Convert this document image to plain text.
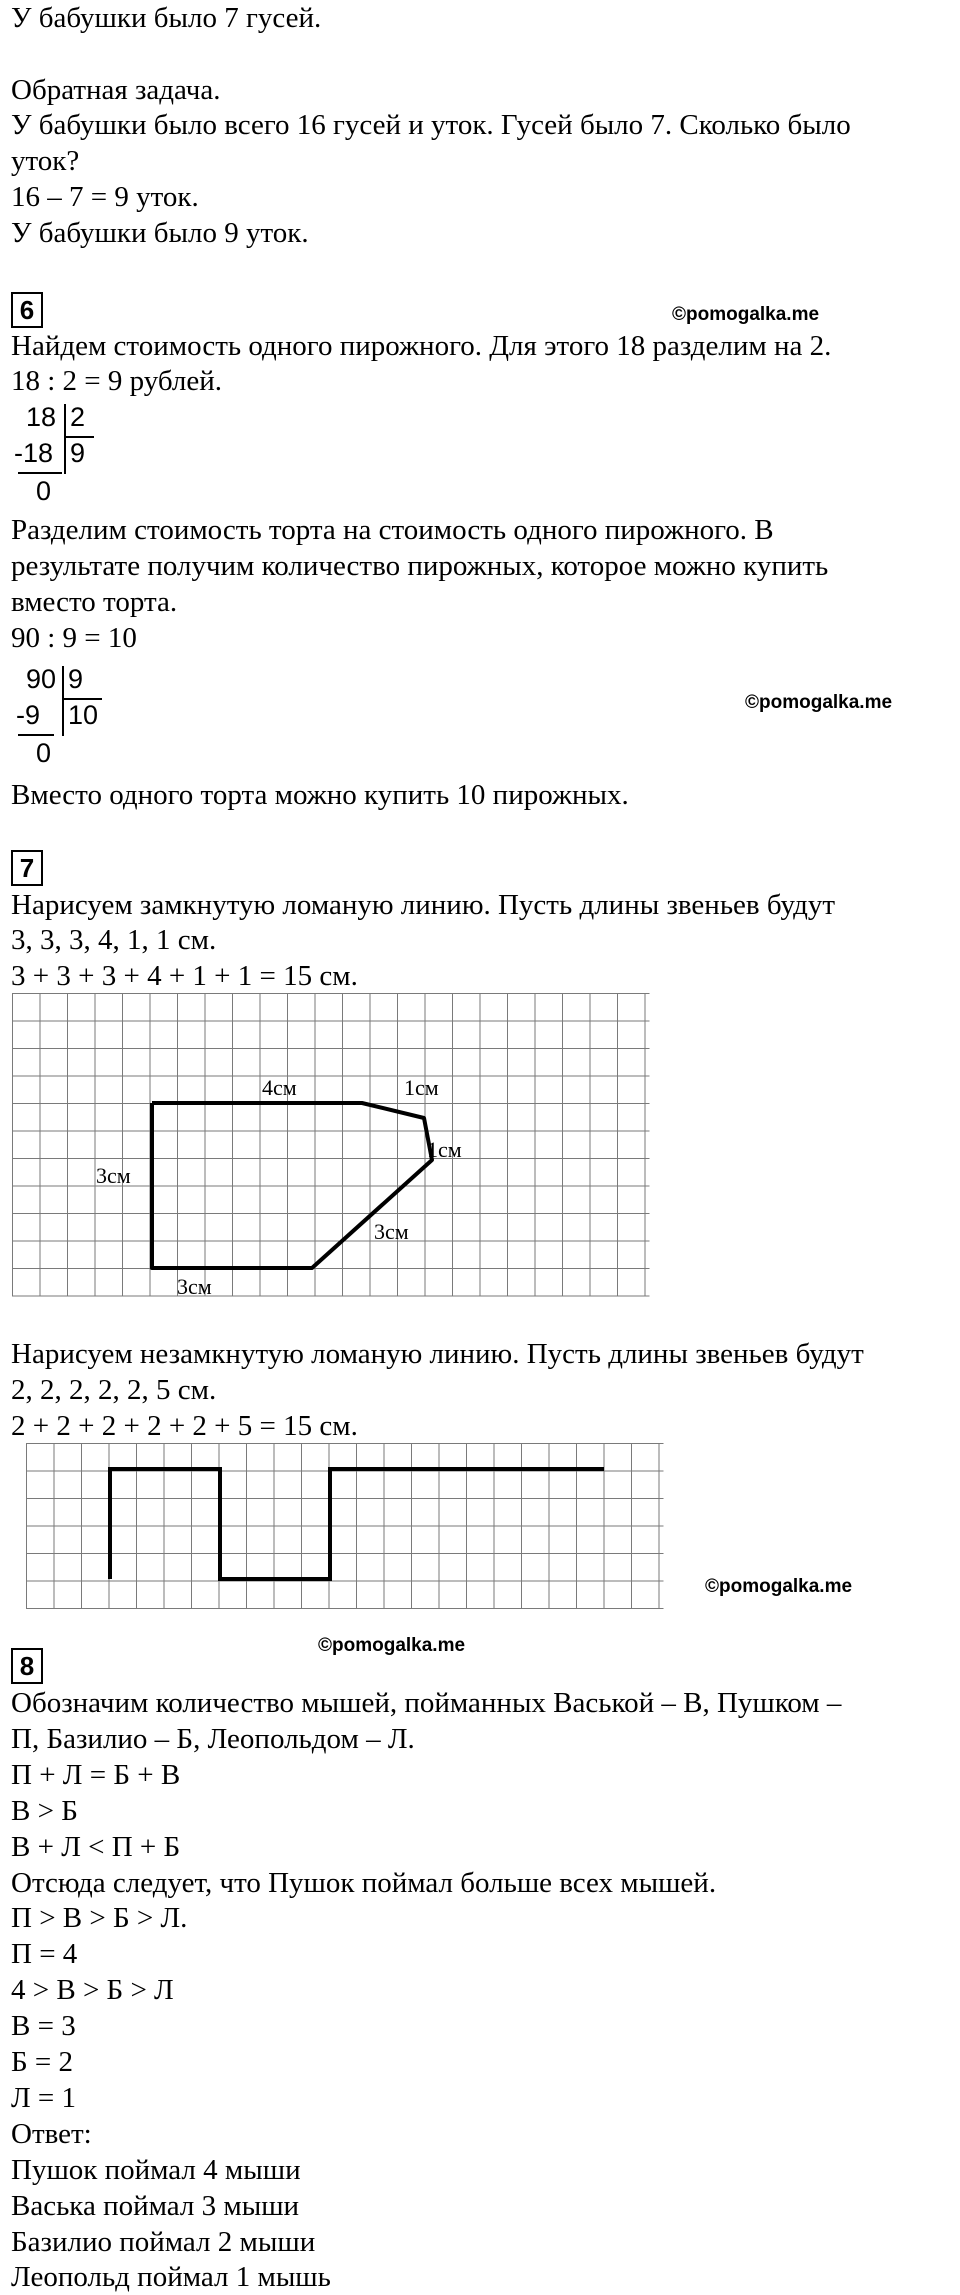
У бабушки было 7 гусей.
Обратная задача.
У бабушки было всего 16 гусей и уток. Гусей было 7. Сколько было
уток?
16 – 7 = 9 уток.
У бабушки было 9 уток.
6	©pomogalka.me
Найдем стоимость одного пирожного. Для этого 18 разделим на 2.
18 : 2 = 9 рублей.
18 2
-18 9
0
Разделим стоимость торта на стоимость одного пирожного. В
результате получим количество пирожных, которое можно купить
вместо торта.
90 : 9 = 10
90 9
-9 10
0
©pomogalka.me
Вместо одного торта можно купить 10 пирожных.
7
Нарисуем замкнутую ломаную линию. Пусть длины звеньев будут
3, 3, 3, 4, 1, 1 см.
3 + 3 + 3 + 4 + 1 + 1 = 15 см.
4см	1см
1см
3см
3см
3см
Нарисуем незамкнутую ломаную линию. Пусть длины звеньев будут
2, 2, 2, 2, 2, 5 см.
2 + 2 + 2 + 2 + 2 + 5 = 15 см.
©pomogalka.me
©pomogalka.me
8
Обозначим количество мышей, пойманных Васькой – В, Пушком –
П, Базилио – Б, Леопольдом – Л.
П + Л = Б + В
В > Б
В + Л < П + Б
Отсюда следует, что Пушок поймал больше всех мышей.
П > В > Б > Л.
П = 4
4 > В > Б > Л
В = 3
Б = 2
Л = 1
Ответ:
Пушок поймал 4 мыши
Васька поймал 3 мыши
Базилио поймал 2 мыши
Леопольд поймал 1 мышь
